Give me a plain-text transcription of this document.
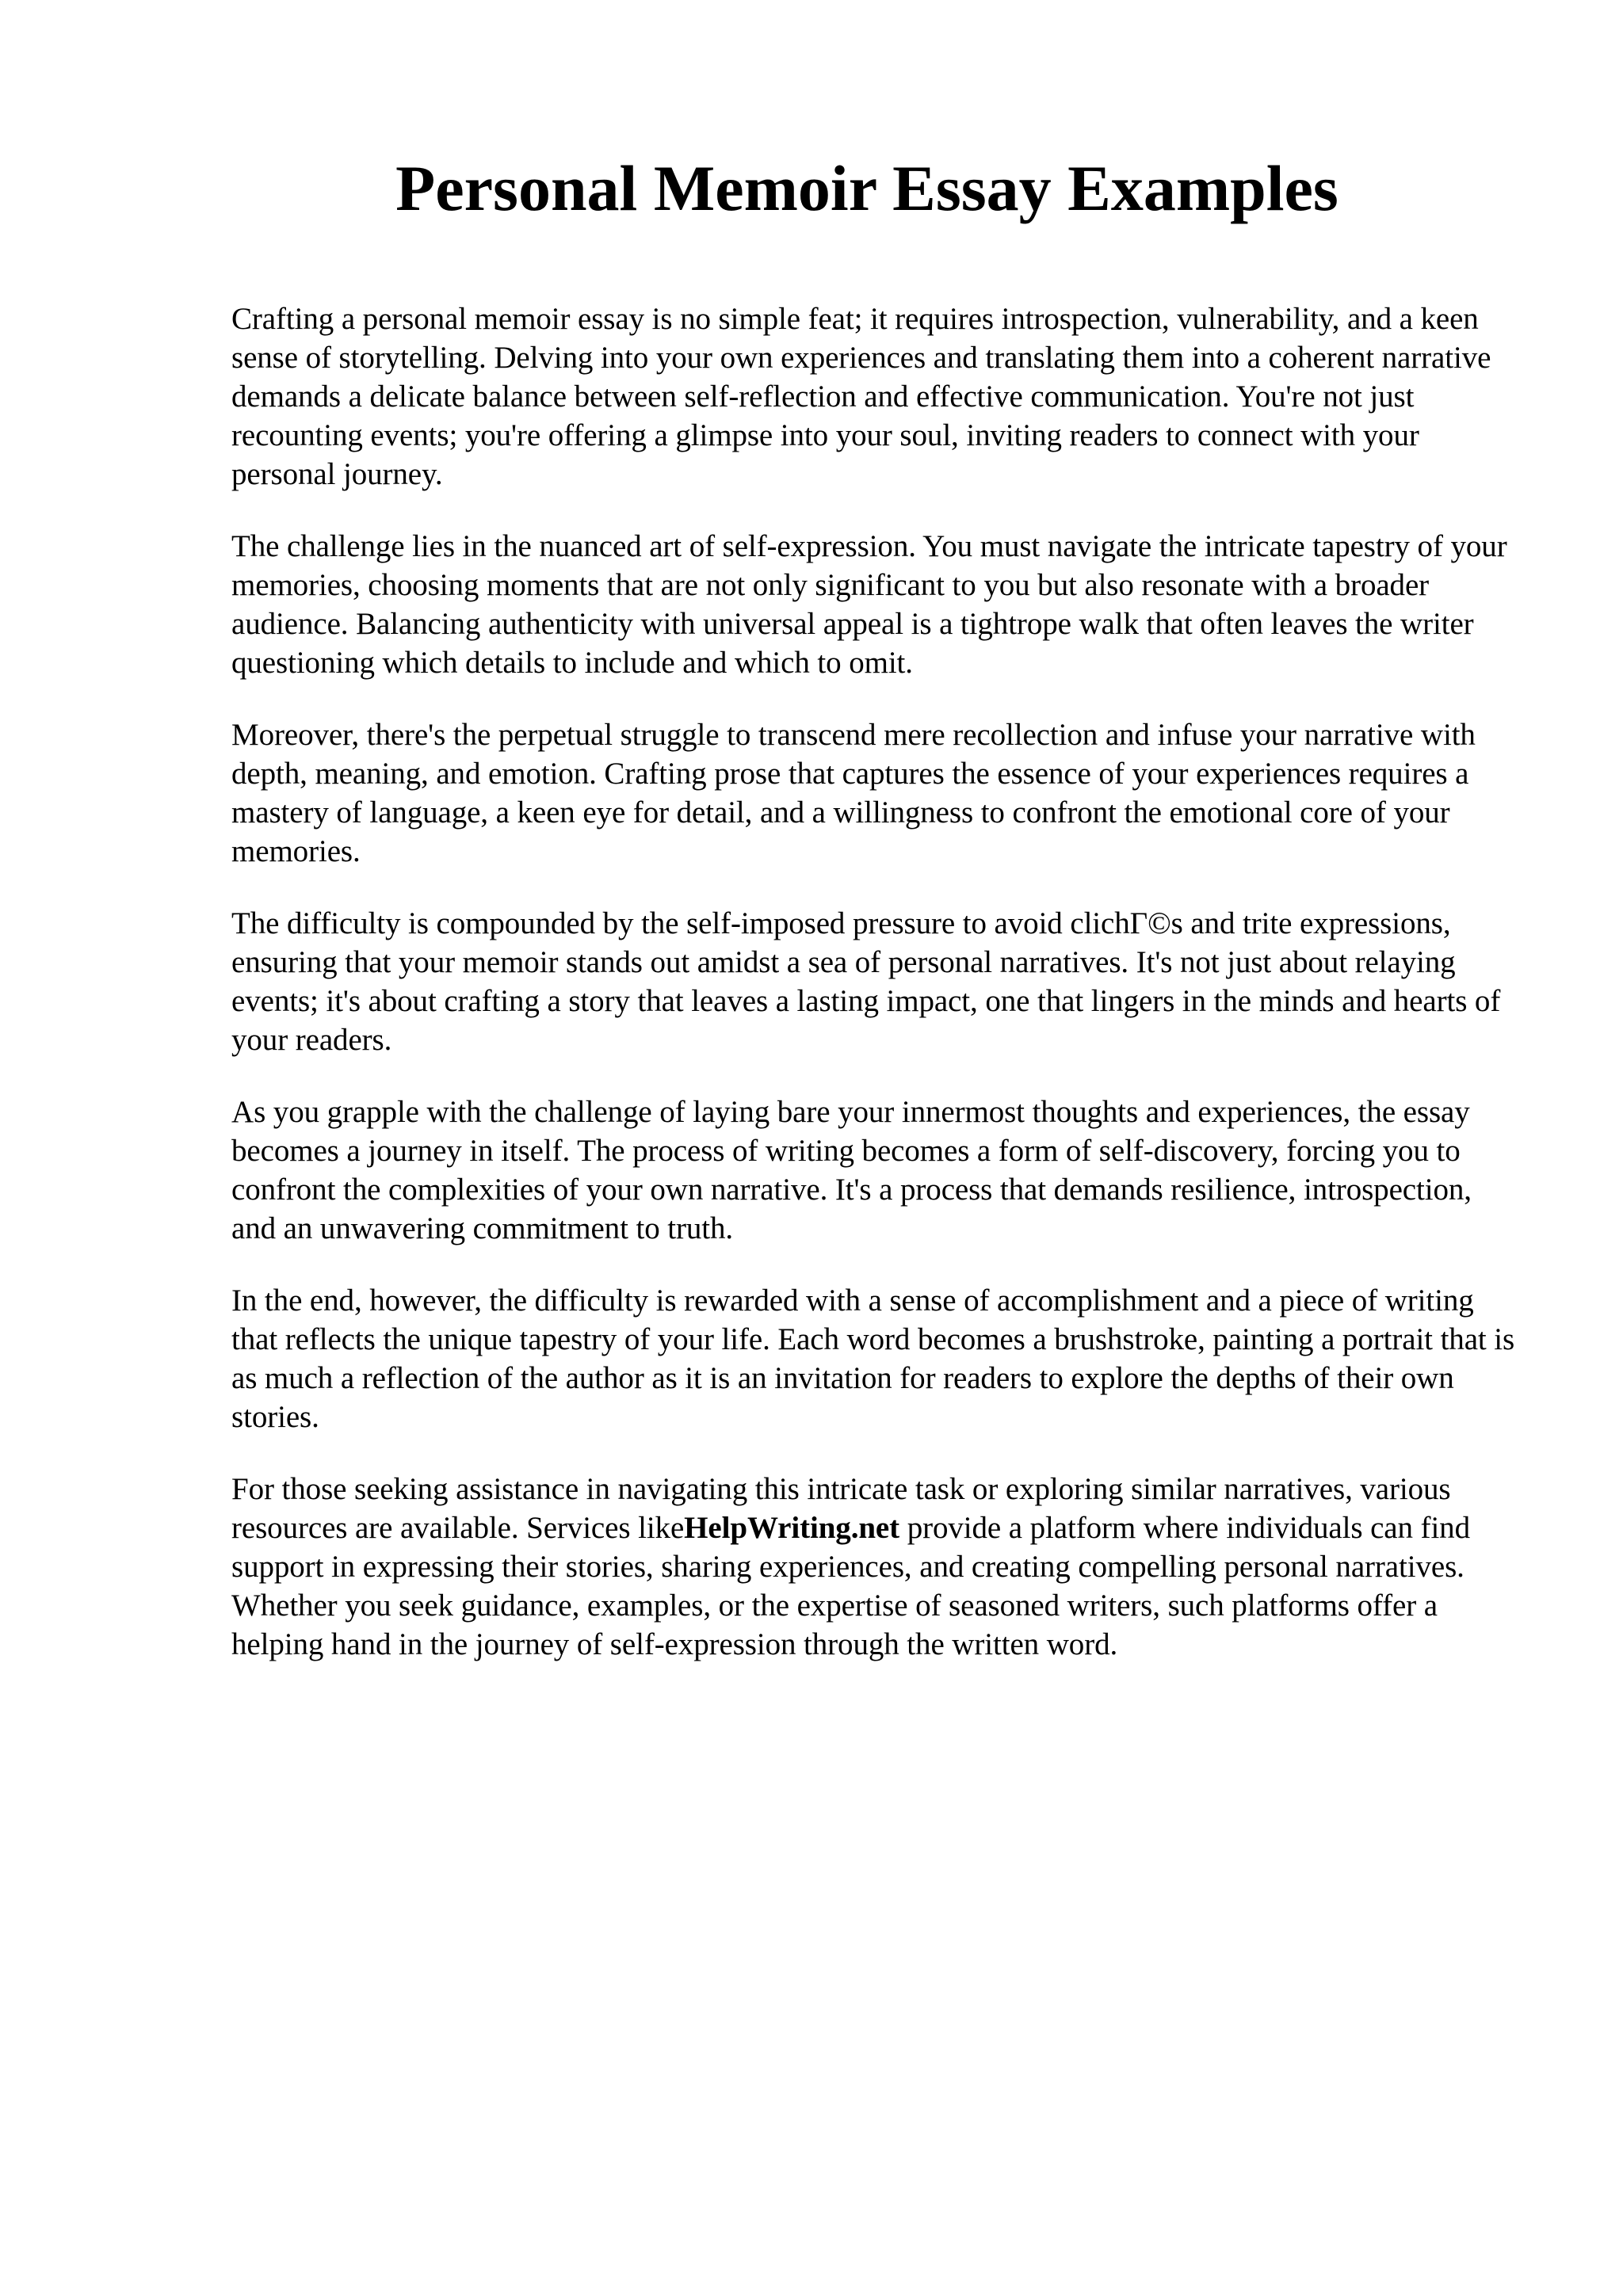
Personal Memoir Essay Examples

Crafting a personal memoir essay is no simple feat; it requires introspection, vulnerability, and a keen sense of storytelling. Delving into your own experiences and translating them into a coherent narrative demands a delicate balance between self-reflection and effective communication. You're not just recounting events; you're offering a glimpse into your soul, inviting readers to connect with your personal journey.

The challenge lies in the nuanced art of self-expression. You must navigate the intricate tapestry of your memories, choosing moments that are not only significant to you but also resonate with a broader audience. Balancing authenticity with universal appeal is a tightrope walk that often leaves the writer questioning which details to include and which to omit.

Moreover, there's the perpetual struggle to transcend mere recollection and infuse your narrative with depth, meaning, and emotion. Crafting prose that captures the essence of your experiences requires a mastery of language, a keen eye for detail, and a willingness to confront the emotional core of your memories.

The difficulty is compounded by the self-imposed pressure to avoid clichΓ©s and trite expressions, ensuring that your memoir stands out amidst a sea of personal narratives. It's not just about relaying events; it's about crafting a story that leaves a lasting impact, one that lingers in the minds and hearts of your readers.

As you grapple with the challenge of laying bare your innermost thoughts and experiences, the essay becomes a journey in itself. The process of writing becomes a form of self-discovery, forcing you to confront the complexities of your own narrative. It's a process that demands resilience, introspection, and an unwavering commitment to truth.

In the end, however, the difficulty is rewarded with a sense of accomplishment and a piece of writing that reflects the unique tapestry of your life. Each word becomes a brushstroke, painting a portrait that is as much a reflection of the author as it is an invitation for readers to explore the depths of their own stories.

For those seeking assistance in navigating this intricate task or exploring similar narratives, various resources are available. Services likeHelpWriting.net provide a platform where individuals can find support in expressing their stories, sharing experiences, and creating compelling personal narratives. Whether you seek guidance, examples, or the expertise of seasoned writers, such platforms offer a helping hand in the journey of self-expression through the written word.
